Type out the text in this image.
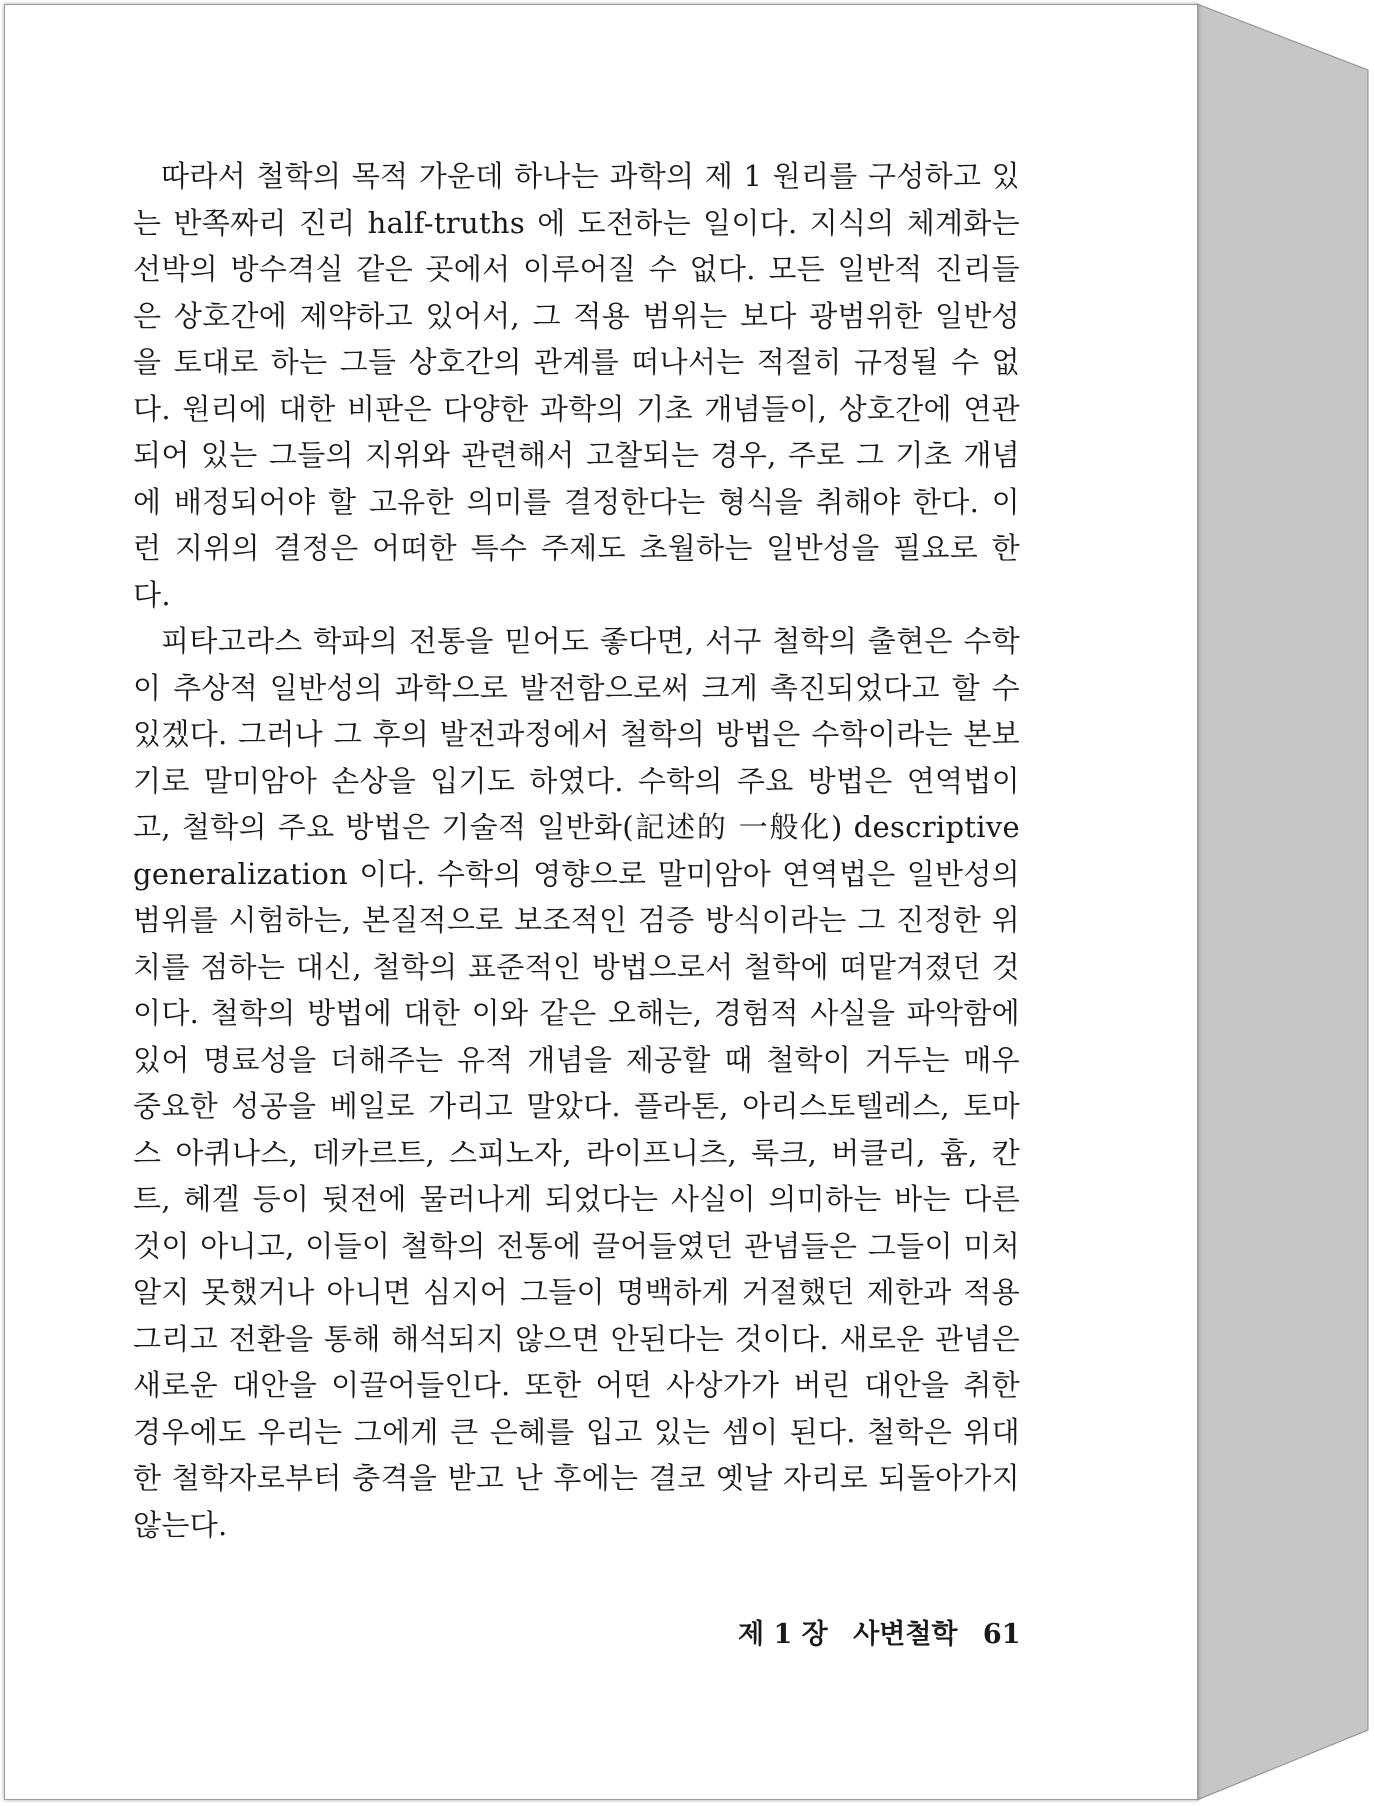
따라서 철학의 목적 가운데 하나는 과학의 제 1 원리를 구성하고 있는 반쪽짜리 진리 half-truths 에 도전하는 일이다. 지식의 체계화는 선박의 방수격실 같은 곳에서 이루어질 수 없다. 모든 일반적 진리들은 상호간에 제약하고 있어서, 그 적용 범위는 보다 광범위한 일반성을 토대로 하는 그들 상호간의 관계를 떠나서는 적절히 규정될 수 없다. 원리에 대한 비판은 다양한 과학의 기초 개념들이, 상호간에 연관되어 있는 그들의 지위와 관련해서 고찰되는 경우, 주로 그 기초 개념에 배정되어야 할 고유한 의미를 결정한다는 형식을 취해야 한다. 이런 지위의 결정은 어떠한 특수 주제도 초월하는 일반성을 필요로 한다.

피타고라스 학파의 전통을 믿어도 좋다면, 서구 철학의 출현은 수학이 추상적 일반성의 과학으로 발전함으로써 크게 촉진되었다고 할 수 있겠다. 그러나 그 후의 발전과정에서 철학의 방법은 수학이라는 본보기로 말미암아 손상을 입기도 하였다. 수학의 주요 방법은 연역법이고, 철학의 주요 방법은 기술적 일반화(記述的 一般化) descriptive generalization 이다. 수학의 영향으로 말미암아 연역법은 일반성의 범위를 시험하는, 본질적으로 보조적인 검증 방식이라는 그 진정한 위치를 점하는 대신, 철학의 표준적인 방법으로서 철학에 떠맡겨졌던 것이다. 철학의 방법에 대한 이와 같은 오해는, 경험적 사실을 파악함에 있어 명료성을 더해주는 유적 개념을 제공할 때 철학이 거두는 매우 중요한 성공을 베일로 가리고 말았다. 플라톤, 아리스토텔레스, 토마스 아퀴나스, 데카르트, 스피노자, 라이프니츠, 룩크, 버클리, 흄, 칸트, 헤겔 등이 뒷전에 물러나게 되었다는 사실이 의미하는 바는 다른 것이 아니고, 이들이 철학의 전통에 끌어들였던 관념들은 그들이 미처 알지 못했거나 아니면 심지어 그들이 명백하게 거절했던 제한과 적용 그리고 전환을 통해 해석되지 않으면 안된다는 것이다. 새로운 관념은 새로운 대안을 이끌어들인다. 또한 어떤 사상가가 버린 대안을 취한 경우에도 우리는 그에게 큰 은혜를 입고 있는 셈이 된다. 철학은 위대한 철학자로부터 충격을 받고 난 후에는 결코 옛날 자리로 되돌아가지 않는다.

제 1 장 사변철학 61
